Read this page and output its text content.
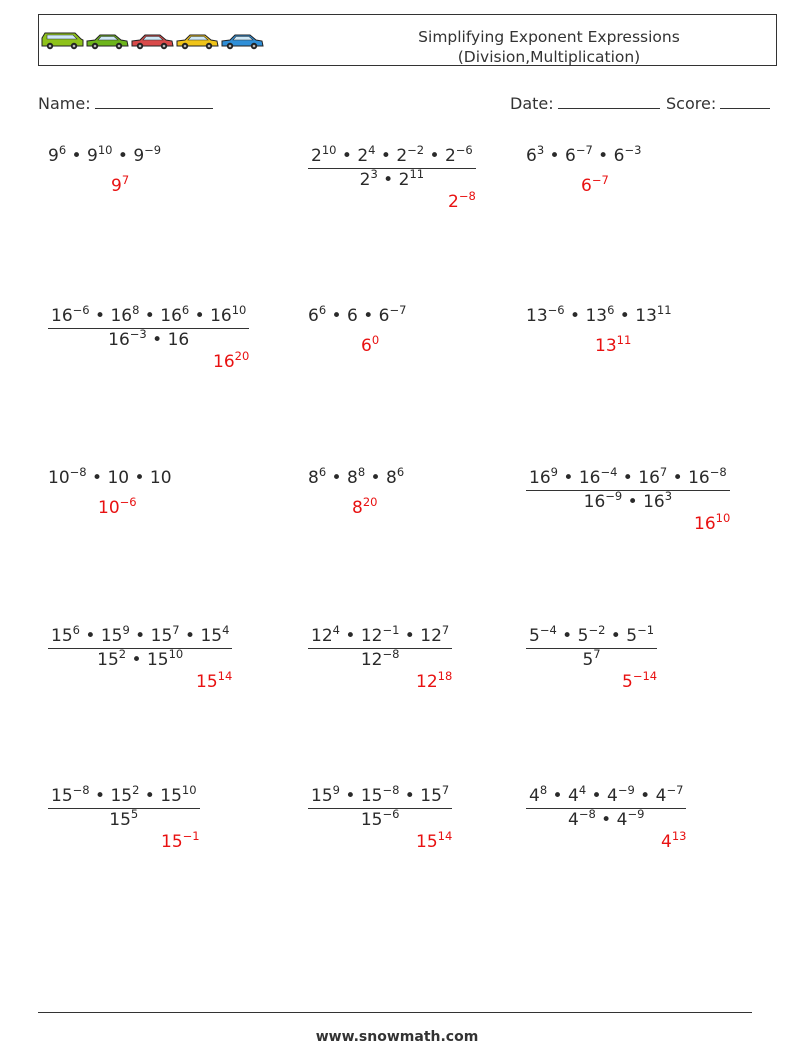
Simplifying Exponent Expressions
(Division,Multiplication)
Name:	Date:	Score:
$9^6$ • $9^{10}$ • $9^{-9}$
$9^7$	$\frac{2^{10} • 2^4 • 2^{-2} • 2^{-6}}{2^3 • 2^{11}}$
$2^{-8}$
$6^3$ • $6^{-7}$ • $6^{-3}$
$6^{-7}$
$\frac{16^{-6} • 16^8 • 16^6 • 16^{10}}{16^{-3} • 16}$
$16^{20}$
$6^6$ • 6 • $6^{-7}$
$6^0$
$13^{-6}$ • $13^6$ • $13^{11}$
$13^{11}$
$10^{-8}$ • 10 • 10
$10^{-6}$
$8^6$ • $8^8$ • $8^6$
$8^{20}$	$\frac{16^9 • 16^{-4} • 16^7 • 16^{-8}}{16^{-9} • 16^3}$
$16^{10}$
$\frac{15^6 • 15^9 • 15^7 • 15^4}{15^2 • 15^{10}}$
$15^{14}$
$\frac{12^4 • 12^{-1} • 12^7}{12^{-8}}$
$12^{18}$
$\frac{5^{-4} • 5^{-2} • 5^{-1}}{5^7}$
$5^{-14}$
$\frac{15^{-8} • 15^2 • 15^{10}}{15^5}$
$15^{-1}$
$\frac{15^9 • 15^{-8} • 15^7}{15^{-6}}$
$15^{14}$
$\frac{4^8 • 4^4 • 4^{-9} • 4^{-7}}{4^{-8} • 4^{-9}}$
$4^{13}$
www.snowmath.com
